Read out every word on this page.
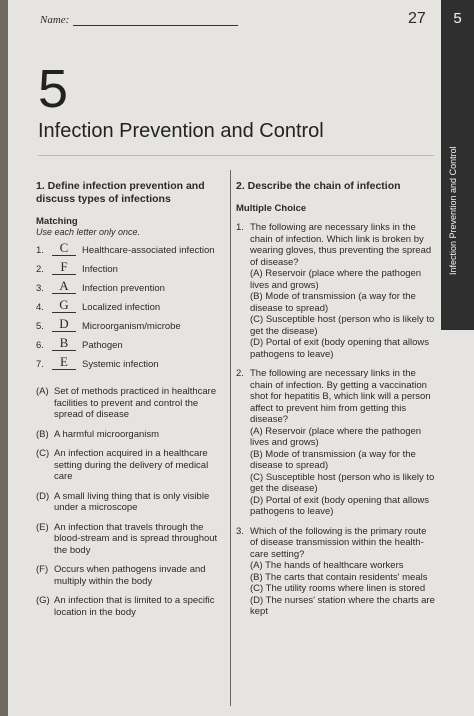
Name:	27	5
Infection Prevention and Control
5
Infection Prevention and Control
1. Define infection prevention and discuss types of infections
Matching
Use each letter only once.
1.	C	Healthcare-associated infection
2.	F	Infection
3.	A	Infection prevention
4.	G	Localized infection
5.	D	Microorganism/microbe
6.	B	Pathogen
7.	E	Systemic infection
(A) Set of methods practiced in healthcare facilities to prevent and control the spread of disease
(B) A harmful microorganism
(C) An infection acquired in a healthcare setting during the delivery of medical care
(D) A small living thing that is only visible under a microscope
(E) An infection that travels through the blood-stream and is spread throughout the body
(F) Occurs when pathogens invade and multiply within the body
(G) An infection that is limited to a specific location in the body
2. Describe the chain of infection
Multiple Choice
1. The following are necessary links in the chain of infection. Which link is broken by wearing gloves, thus preventing the spread of disease?
(A) Reservoir (place where the pathogen lives and grows)
(B) Mode of transmission (a way for the disease to spread)
(C) Susceptible host (person who is likely to get the disease)
(D) Portal of exit (body opening that allows pathogens to leave)
2. The following are necessary links in the chain of infection. By getting a vaccination shot for hepatitis B, which link will a person affect to prevent him from getting this disease?
(A) Reservoir (place where the pathogen lives and grows)
(B) Mode of transmission (a way for the disease to spread)
(C) Susceptible host (person who is likely to get the disease)
(D) Portal of exit (body opening that allows pathogens to leave)
3. Which of the following is the primary route of disease transmission within the health-care setting?
(A) The hands of healthcare workers
(B) The carts that contain residents' meals
(C) The utility rooms where linen is stored
(D) The nurses' station where the charts are kept
